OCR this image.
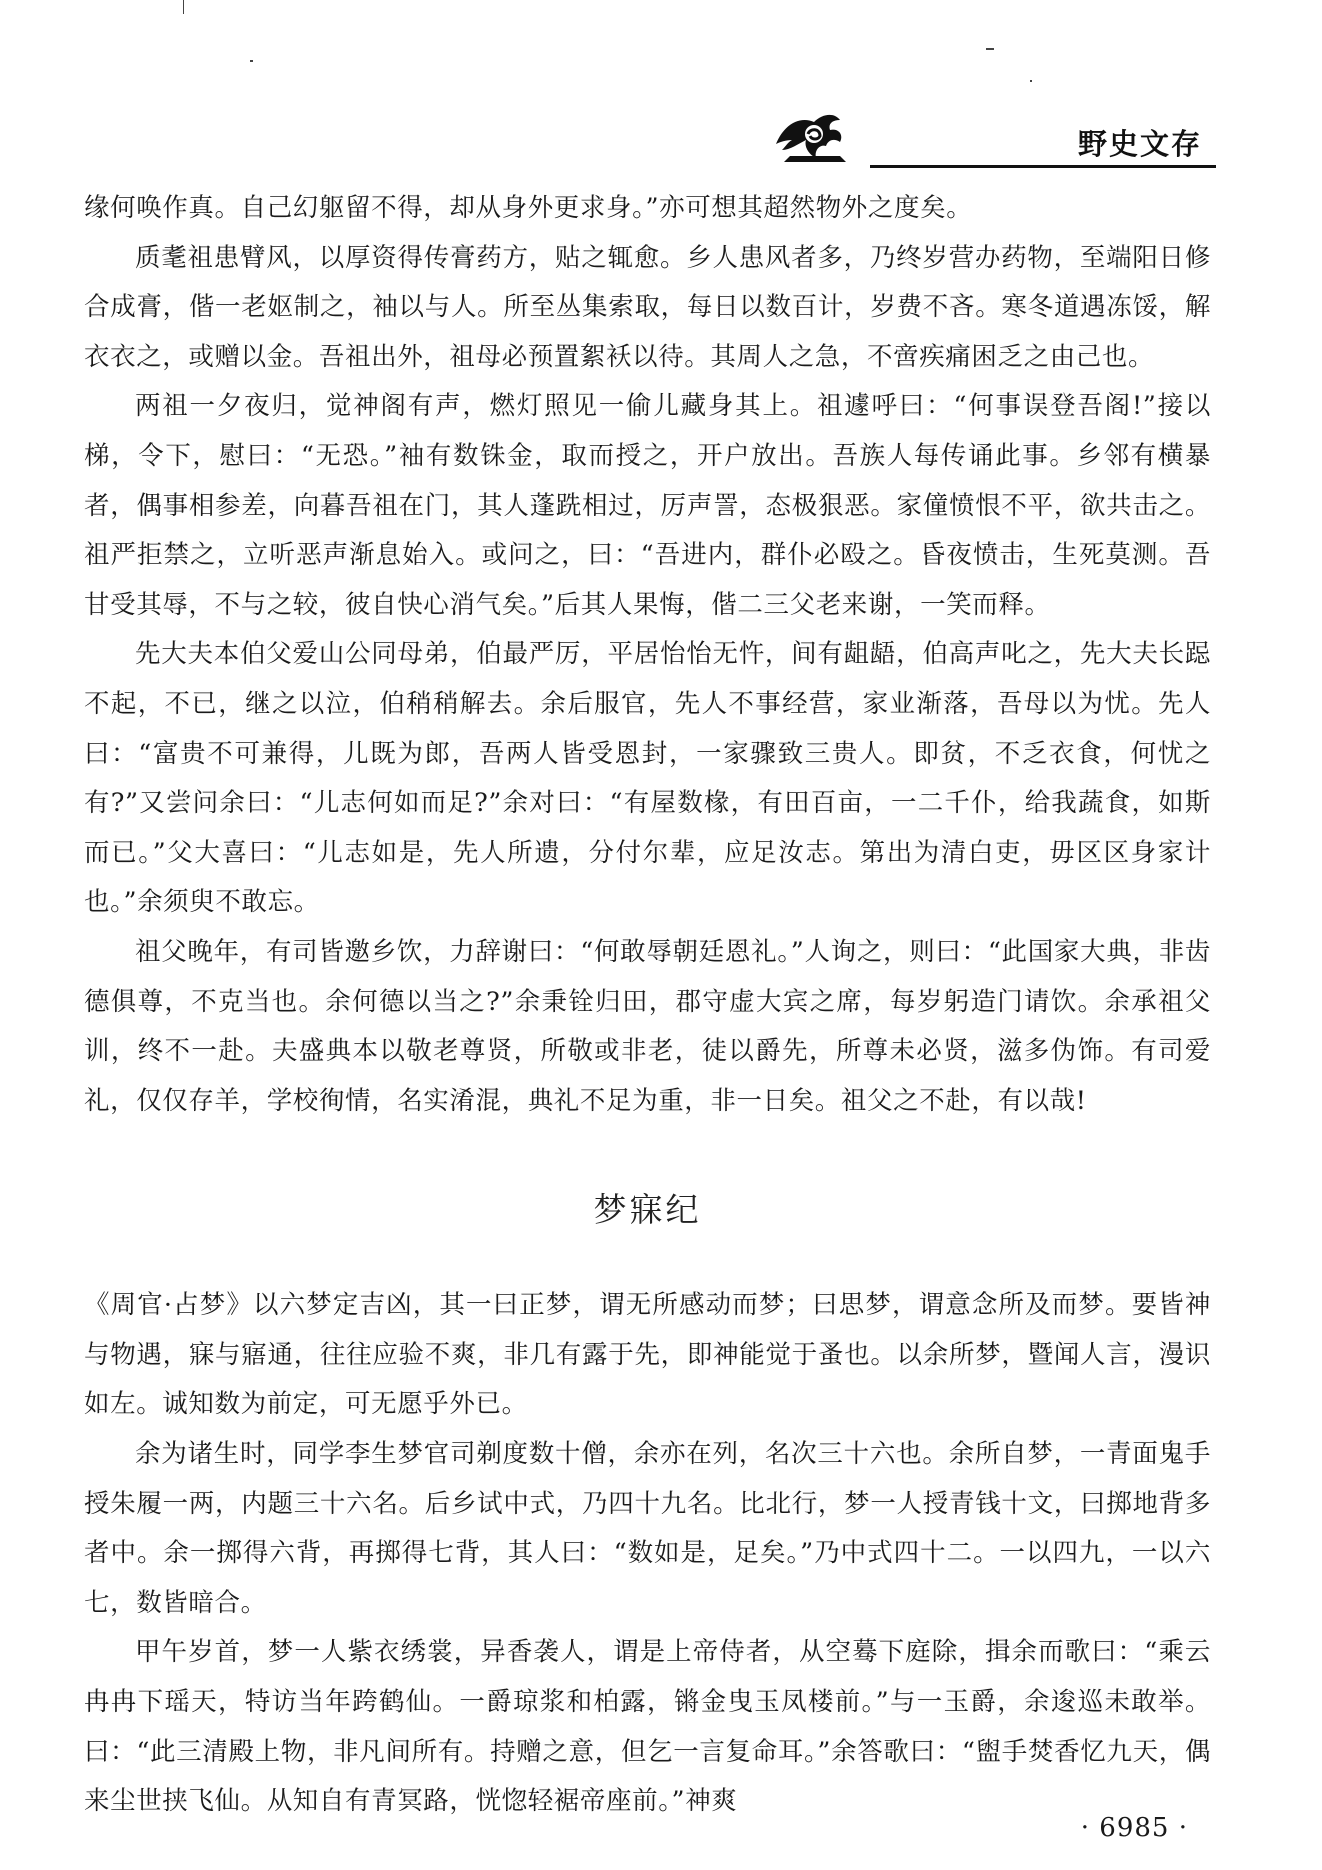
野史文存

缘何唤作真。自己幻躯留不得，却从身外更求身。”亦可想其超然物外之度矣。

质耄祖患臂风，以厚资得传膏药方，贴之辄愈。乡人患风者多，乃终岁营办药物，至端阳日修合成膏，偕一老妪制之，袖以与人。所至丛集索取，每日以数百计，岁费不吝。寒冬道遇冻馁，解衣衣之，或赠以金。吾祖出外，祖母必预置絮袄以待。其周人之急，不啻疾痛困乏之由己也。

两祖一夕夜归，觉神阁有声，燃灯照见一偷儿藏身其上。祖遽呼曰：“何事误登吾阁!”接以梯，令下，慰曰：“无恐。”袖有数铢金，取而授之，开户放出。吾族人每传诵此事。乡邻有横暴者，偶事相参差，向暮吾祖在门，其人蓬跣相过，厉声詈，态极狠恶。家僮愤恨不平，欲共击之。祖严拒禁之，立听恶声渐息始入。或问之，曰：“吾进内，群仆必殴之。昏夜愤击，生死莫测。吾甘受其辱，不与之较，彼自快心消气矣。”后其人果悔，偕二三父老来谢，一笑而释。

先大夫本伯父爱山公同母弟，伯最严厉，平居怡怡无忤，间有龃龉，伯高声叱之，先大夫长跽不起，不已，继之以泣，伯稍稍解去。余后服官，先人不事经营，家业渐落，吾母以为忧。先人曰：“富贵不可兼得，儿既为郎，吾两人皆受恩封，一家骤致三贵人。即贫，不乏衣食，何忧之有?”又尝问余曰：“儿志何如而足?”余对曰：“有屋数椽，有田百亩，一二千仆，给我蔬食，如斯而已。”父大喜曰：“儿志如是，先人所遗，分付尔辈，应足汝志。第出为清白吏，毋区区身家计也。”余须臾不敢忘。

祖父晚年，有司皆邀乡饮，力辞谢曰：“何敢辱朝廷恩礼。”人询之，则曰：“此国家大典，非齿德俱尊，不克当也。余何德以当之?”余秉铨归田，郡守虚大宾之席，每岁躬造门请饮。余承祖父训，终不一赴。夫盛典本以敬老尊贤，所敬或非老，徒以爵先，所尊未必贤，滋多伪饰。有司爱礼，仅仅存羊，学校徇情，名实淆混，典礼不足为重，非一日矣。祖父之不赴，有以哉!

梦寐纪

《周官·占梦》以六梦定吉凶，其一曰正梦，谓无所感动而梦；曰思梦，谓意念所及而梦。要皆神与物遇，寐与寤通，往往应验不爽，非几有露于先，即神能觉于蚤也。以余所梦，暨闻人言，漫识如左。诚知数为前定，可无愿乎外已。

余为诸生时，同学李生梦官司剃度数十僧，余亦在列，名次三十六也。余所自梦，一青面鬼手授朱履一两，内题三十六名。后乡试中式，乃四十九名。比北行，梦一人授青钱十文，曰掷地背多者中。余一掷得六背，再掷得七背，其人曰：“数如是，足矣。”乃中式四十二。一以四九，一以六七，数皆暗合。

甲午岁首，梦一人紫衣绣裳，异香袭人，谓是上帝侍者，从空蓦下庭除，揖余而歌曰：“乘云冉冉下瑶天，特访当年跨鹤仙。一爵琼浆和柏露，锵金曳玉凤楼前。”与一玉爵，余逡巡未敢举。曰：“此三清殿上物，非凡间所有。持赠之意，但乞一言复命耳。”余答歌曰：“盥手焚香忆九天，偶来尘世挟飞仙。从知自有青冥路，恍惚轻裾帝座前。”神爽

· 6985 ·
